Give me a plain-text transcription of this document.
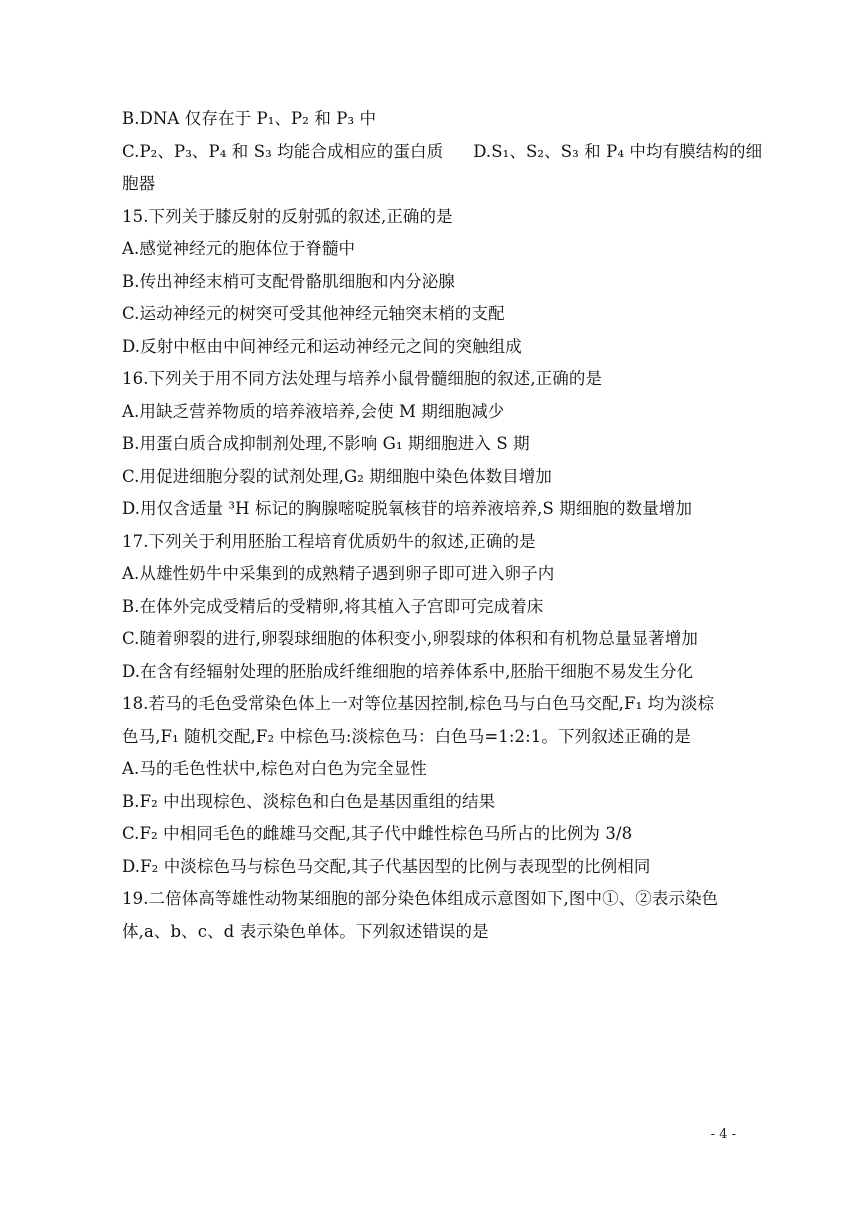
B.DNA 仅存在于 P₁、P₂ 和 P₃ 中
C.P₂、P₃、P₄ 和 S₃ 均能合成相应的蛋白质 D.S₁、S₂、S₃ 和 P₄ 中均有膜结构的细
胞器
15.下列关于膝反射的反射弧的叙述,正确的是
A.感觉神经元的胞体位于脊髓中
B.传出神经末梢可支配骨骼肌细胞和内分泌腺
C.运动神经元的树突可受其他神经元轴突末梢的支配
D.反射中枢由中间神经元和运动神经元之间的突触组成
16.下列关于用不同方法处理与培养小鼠骨髓细胞的叙述,正确的是
A.用缺乏营养物质的培养液培养,会使 M 期细胞减少
B.用蛋白质合成抑制剂处理,不影响 G₁ 期细胞进入 S 期
C.用促进细胞分裂的试剂处理,G₂ 期细胞中染色体数目增加
D.用仅含适量 ³H 标记的胸腺嘧啶脱氧核苷的培养液培养,S 期细胞的数量增加
17.下列关于利用胚胎工程培育优质奶牛的叙述,正确的是
A.从雄性奶牛中采集到的成熟精子遇到卵子即可进入卵子内
B.在体外完成受精后的受精卵,将其植入子宫即可完成着床
C.随着卵裂的进行,卵裂球细胞的体积变小,卵裂球的体积和有机物总量显著增加
D.在含有经辐射处理的胚胎成纤维细胞的培养体系中,胚胎干细胞不易发生分化
18.若马的毛色受常染色体上一对等位基因控制,棕色马与白色马交配,F₁ 均为淡棕
色马,F₁ 随机交配,F₂ 中棕色马:淡棕色马：白色马=1:2:1。下列叙述正确的是
A.马的毛色性状中,棕色对白色为完全显性
B.F₂ 中出现棕色、淡棕色和白色是基因重组的结果
C.F₂ 中相同毛色的雌雄马交配,其子代中雌性棕色马所占的比例为 3/8
D.F₂ 中淡棕色马与棕色马交配,其子代基因型的比例与表现型的比例相同
19.二倍体高等雄性动物某细胞的部分染色体组成示意图如下,图中①、②表示染色
体,a、b、c、d 表示染色单体。下列叙述错误的是
- 4 -
